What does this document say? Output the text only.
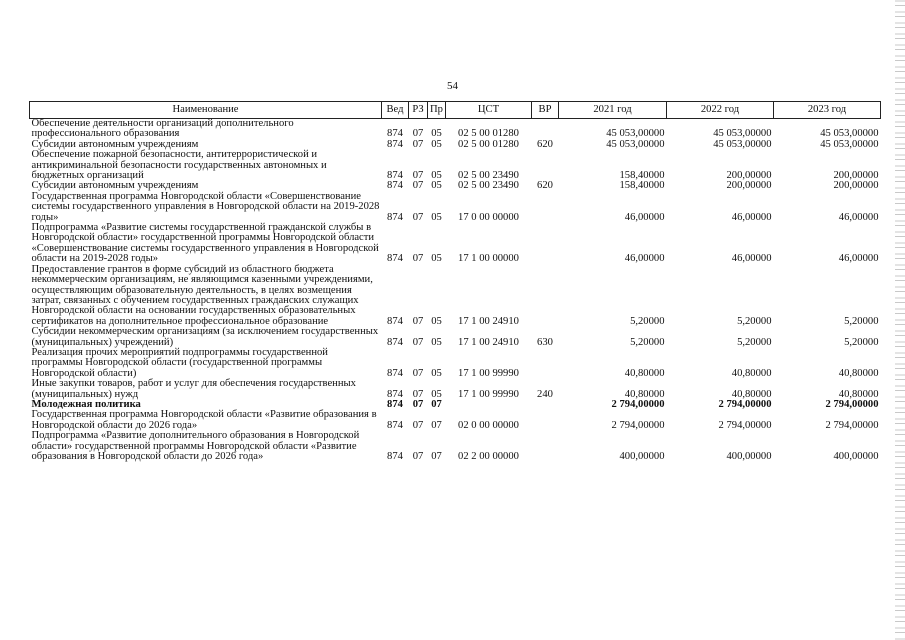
54
Наименование	Вед	РЗ	Пр	ЦСТ	ВР	2021 год	2022 год	2023 год
Обеспечение деятельности организаций дополнительного профессионального образования	874	07	05	02 5 00 01280		45 053,00000	45 053,00000	45 053,00000
Субсидии автономным учреждениям	874	07	05	02 5 00 01280	620	45 053,00000	45 053,00000	45 053,00000
Обеспечение пожарной безопасности, антитеррористической и антикриминальной безопасности государственных автономных и бюджетных организаций	874	07	05	02 5 00 23490		158,40000	200,00000	200,00000
Субсидии автономным учреждениям	874	07	05	02 5 00 23490	620	158,40000	200,00000	200,00000
Государственная программа Новгородской области «Совершенствование системы государственного управления в Новгородской области на 2019-2028 годы»	874	07	05	17 0 00 00000		46,00000	46,00000	46,00000
Подпрограмма «Развитие системы государственной гражданской службы в Новгородской области» государственной программы Новгородской области «Совершенствование системы государственного управления в Новгородской области на 2019-2028 годы»	874	07	05	17 1 00 00000		46,00000	46,00000	46,00000
Предоставление грантов в форме субсидий из областного бюджета некоммерческим организациям, не являющимся казенными учреждениями, осуществляющим образовательную деятельность, в целях возмещения затрат, связанных с обучением государственных гражданских служащих Новгородской области на основании государственных образовательных сертификатов на дополнительное профессиональное образование	874	07	05	17 1 00 24910		5,20000	5,20000	5,20000
Субсидии некоммерческим организациям (за исключением государственных (муниципальных) учреждений)	874	07	05	17 1 00 24910	630	5,20000	5,20000	5,20000
Реализация прочих мероприятий подпрограммы государственной программы Новгородской области (государственной программы Новгородской области)	874	07	05	17 1 00 99990		40,80000	40,80000	40,80000
Иные закупки товаров, работ и услуг для обеспечения государственных (муниципальных) нужд	874	07	05	17 1 00 99990	240	40,80000	40,80000	40,80000
Молодежная политика	874	07	07			2 794,00000	2 794,00000	2 794,00000
Государственная программа Новгородской области «Развитие образования в Новгородской области до 2026 года»	874	07	07	02 0 00 00000		2 794,00000	2 794,00000	2 794,00000
Подпрограмма «Развитие дополнительного образования в Новгородской области» государственной программы Новгородской области «Развитие образования в Новгородской области до 2026 года»	874	07	07	02 2 00 00000		400,00000	400,00000	400,00000
